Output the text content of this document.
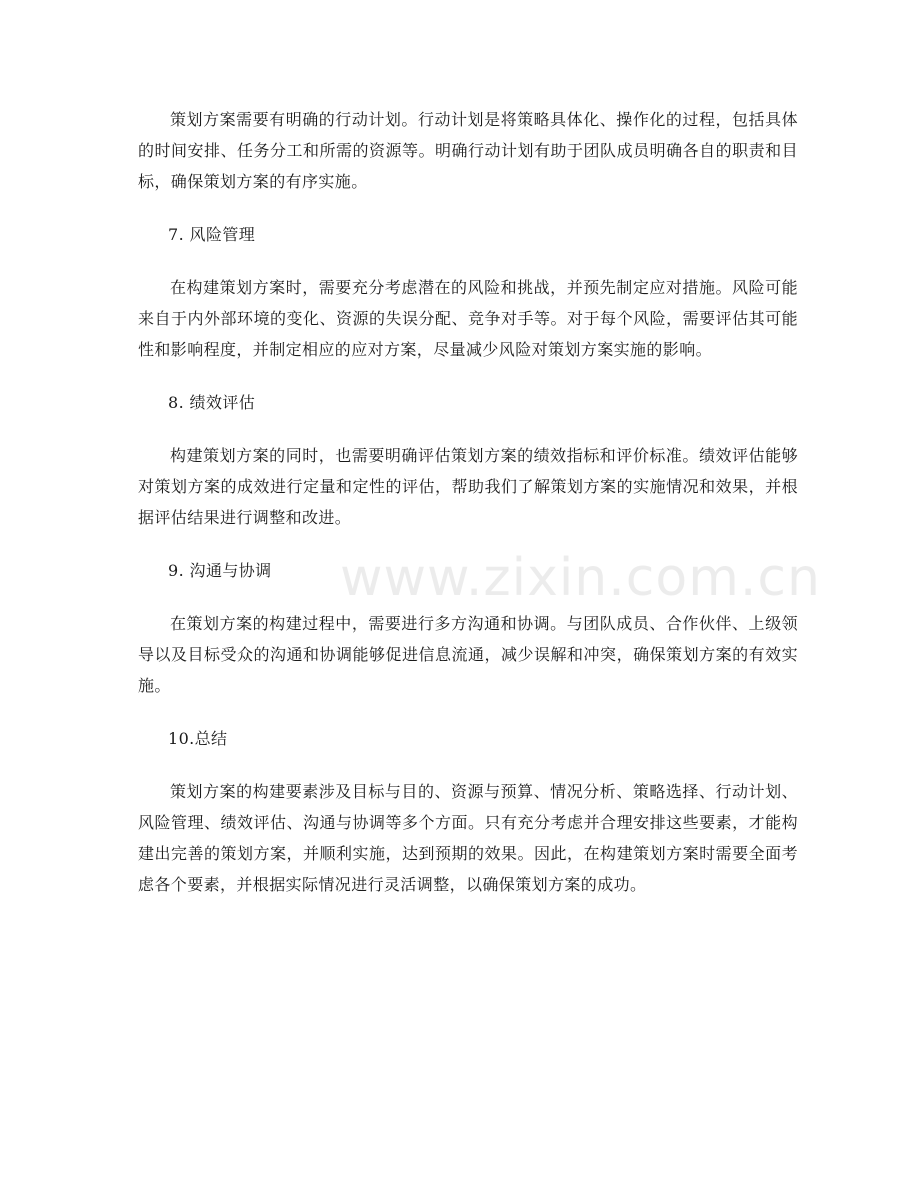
策划方案需要有明确的行动计划。行动计划是将策略具体化、操作化的过程，包括具体的时间安排、任务分工和所需的资源等。明确行动计划有助于团队成员明确各自的职责和目标，确保策划方案的有序实施。

7. 风险管理

在构建策划方案时，需要充分考虑潜在的风险和挑战，并预先制定应对措施。风险可能来自于内外部环境的变化、资源的失误分配、竞争对手等。对于每个风险，需要评估其可能性和影响程度，并制定相应的应对方案，尽量减少风险对策划方案实施的影响。

8. 绩效评估

构建策划方案的同时，也需要明确评估策划方案的绩效指标和评价标准。绩效评估能够对策划方案的成效进行定量和定性的评估，帮助我们了解策划方案的实施情况和效果，并根据评估结果进行调整和改进。

9. 沟通与协调

在策划方案的构建过程中，需要进行多方沟通和协调。与团队成员、合作伙伴、上级领导以及目标受众的沟通和协调能够促进信息流通，减少误解和冲突，确保策划方案的有效实施。

10.总结

策划方案的构建要素涉及目标与目的、资源与预算、情况分析、策略选择、行动计划、风险管理、绩效评估、沟通与协调等多个方面。只有充分考虑并合理安排这些要素，才能构建出完善的策划方案，并顺利实施，达到预期的效果。因此，在构建策划方案时需要全面考虑各个要素，并根据实际情况进行灵活调整，以确保策划方案的成功。

www.zixin.com.cn
